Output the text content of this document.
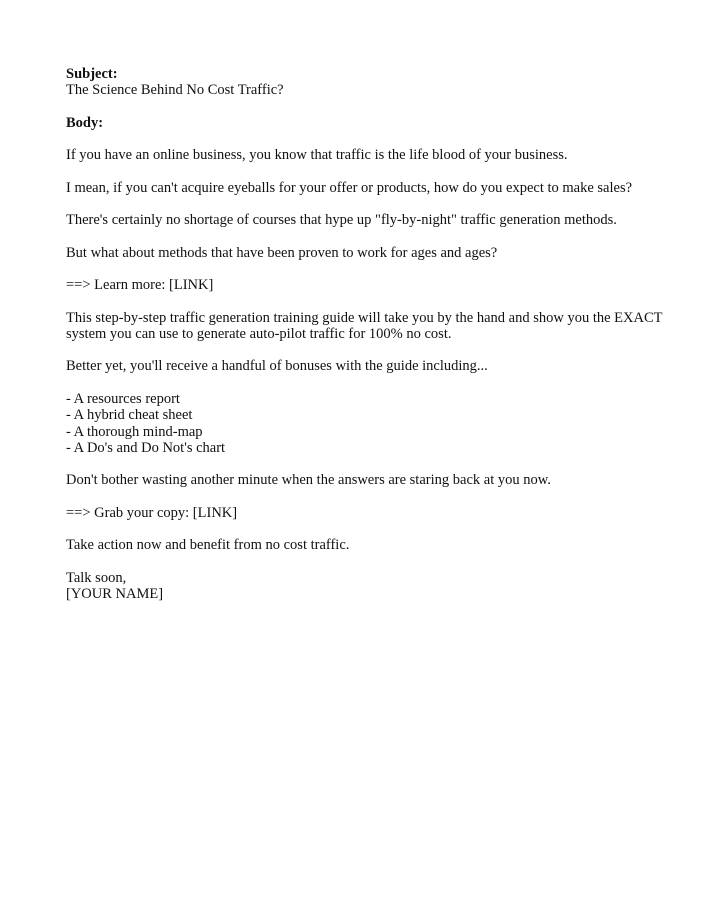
Subject:
The Science Behind No Cost Traffic?
Body:
If you have an online business, you know that traffic is the life blood of your business.
I mean, if you can't acquire eyeballs for your offer or products, how do you expect to make sales?
There's certainly no shortage of courses that hype up "fly-by-night" traffic generation methods.
But what about methods that have been proven to work for ages and ages?
==> Learn more: [LINK]
This step-by-step traffic generation training guide will take you by the hand and show you the EXACT
system you can use to generate auto-pilot traffic for 100% no cost.
Better yet, you'll receive a handful of bonuses with the guide including...
- A resources report
- A hybrid cheat sheet
- A thorough mind-map
- A Do's and Do Not's chart
Don't bother wasting another minute when the answers are staring back at you now.
==> Grab your copy: [LINK]
Take action now and benefit from no cost traffic.
Talk soon,
[YOUR NAME]
